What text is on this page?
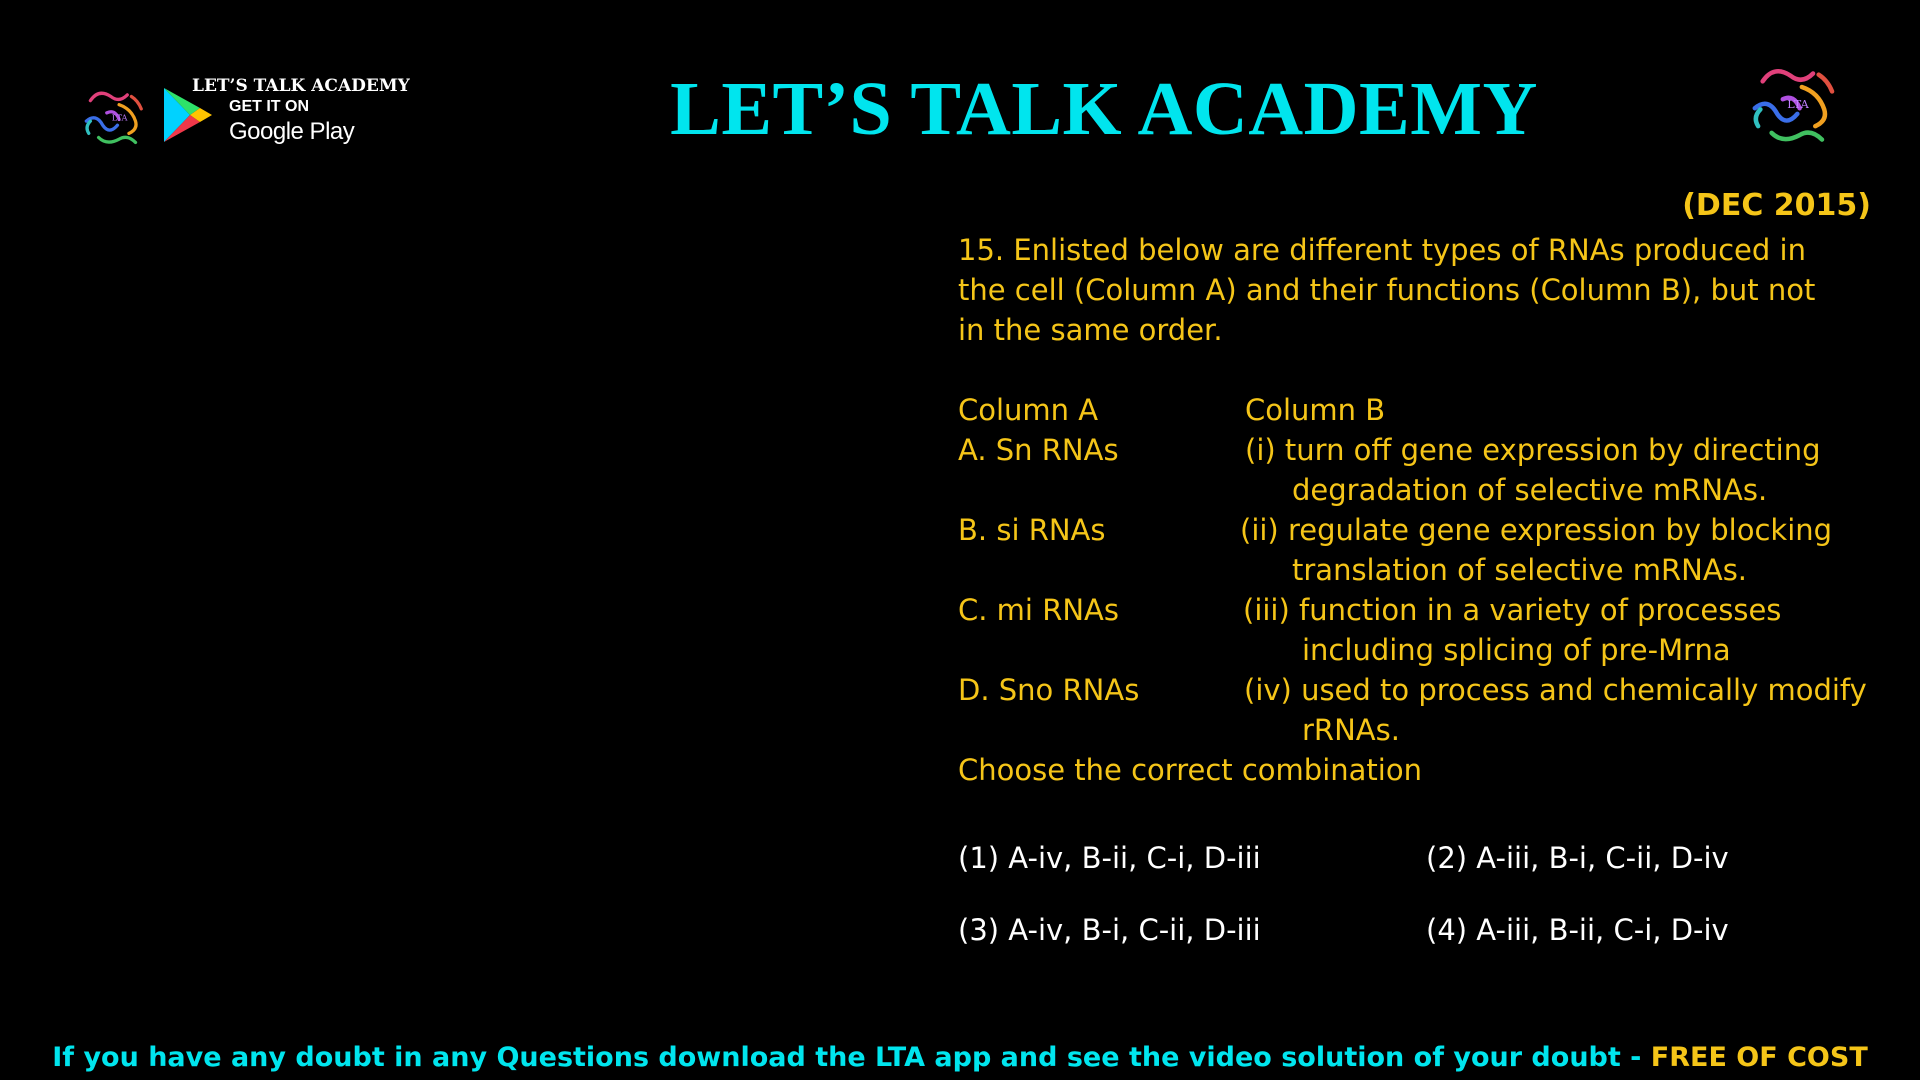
LTA
LET’S TALK ACADEMY
GET IT ON
Google Play	LET’S TALK ACADEMY	LTA
(DEC 2015)
15. Enlisted below are different types of RNAs produced in
the cell (Column A) and their functions (Column B), but not
in the same order.
Column A	Column B
A. Sn RNAs	(i) turn off gene expression by directing
degradation of selective mRNAs.
B. si RNAs	(ii) regulate gene expression by blocking
translation of selective mRNAs.
C. mi RNAs	(iii) function in a variety of processes
including splicing of pre-Mrna
D. Sno RNAs	(iv) used to process and chemically modify
rRNAs.
Choose the correct combination
(1) A-iv, B-ii, C-i, D-iii	(2) A-iii, B-i, C-ii, D-iv
(3) A-iv, B-i, C-ii, D-iii	(4) A-iii, B-ii, C-i, D-iv
If you have any doubt in any Questions download the LTA app and see the video solution of your doubt - FREE OF COST
